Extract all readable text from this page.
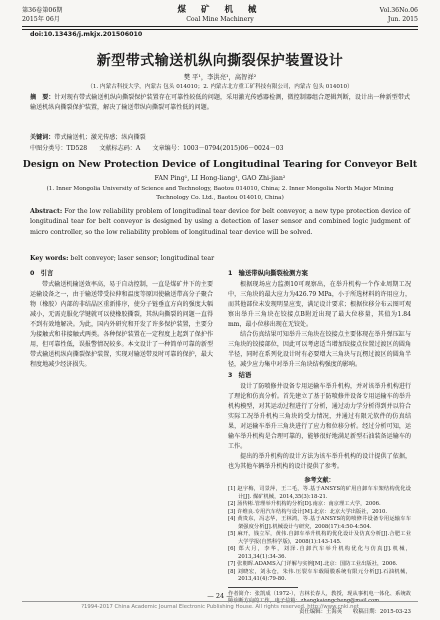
第36卷第06期
2015年 06月
煤 矿 机 械
Coal Mine Machinery
Vol.36No.06
Jun. 2015
doi:10.13436/j.mkjx.201506010
新型带式输送机纵向撕裂保护装置设计
樊 平¹，李洪亮¹，高智祥²
（1. 内蒙古科技大学，内蒙古 包头 014010；2. 内蒙古北方重工矿科技有限公司，内蒙古 包头 014010）
摘　要：针对现有带式输送机纵向撕裂保护装置存在可靠性较低的问题，采用激光传感器检测，微控制器组合逻辑判断，设计出一种新型带式输送机纵向撕裂保护装置，解决了输送带纵向撕裂可靠性低的问题。
关键词：带式输送机；激光传感；纵向撕裂
中图分类号：TD528　　文献标志码：A　　文章编号：1003－0794(2015)06－0024－03
Design on New Protection Device of Longitudinal Tearing for Conveyor Belt
FAN Ping¹, LI Hong-liang¹, GAO Zhi-jian²
(1. Inner Mongolia University of Science and Technology, Baotou 014010, China; 2. Inner Mongolia North Major Mining Technology Co. Ltd., Baotou 014010, China)
Abstract: For the low reliability problem of longitudinal tear device for belt conveyor, a new type protection device of longitudinal tear for belt conveyor is designed by using a detection of laser sensor and combined logic judgment of micro controller, so the low reliability problem of longitudinal tear device will be solved.
Key words: belt conveyor; laser sensor; longitudinal tear
0　引言
带式输送机输送效率高，易于自动控制，一直是煤矿井下的主要运输设备之一，由于输送带受拉伸和温度等原因使输送带高分子聚合物（橡胶）内部的非结晶区重新排序，使分子链垂直方向的强度大幅减小，无需克服化学键就可以使橡胶撕裂，其纵向撕裂的问题一直得不到有效地解决。为此，国内外研究和开发了许多保护装置，主要分为接触式和非接触式两类。各种保护装置在一定程度上起到了保护作用，但可靠性低，误报警情况较多。本文设计了一种简单可靠的新型带式输送机纵向撕裂保护装置，实现对输送带及时可靠的保护，最大程度地减少经济损失。
1　输送带纵向撕裂检测方案
根据现场应力监测10可观察出，在举升机构一个作业周期工况中，三角块的最大应力为426.79 MPa，小于所选材料的许用应力，而其他部位未发现明显应变，满足设计要求；根据位移分布云图可观察出举升三角块在铰接点B附近出现了最大位移量，其值为1.84 mm，最小位移出现在无铰处。
结合仿真结果可知举升三角块在铰接点主要体现在举升弹压缸与三角块的铰接部位，因此可以考虑适当增加铰接点位置过渡区的圆角半径，同时在系列化设计时有必要增大三角块与瓦楞过渡区的圆角半径，减少应力集中对举升三角块结构强度的影响。
3　结语
设计了防喷修井设备专用运输车举升机构，并对该举升机构进行了理论和仿真分析。首先建立了基于防喷修井设备专用运输车的举升机构模型，对其运动过程进行了分析，通过动力学分析得到并以符合实际工况举升机构三角块的受力情况，并通过有限元软件的仿真结果，对运输车举升三角块进行了应力和位移分析。经过分析可知，运输车举升机构是合理可靠的，能够很好地满足新型石油装备运输车的工作。
提出的举升机构的设计方法为该车举升机构的设计提供了依据，也为其他车辆举升机构的设计提供了参考。
参考文献：
[1] 赵宇梅，司景萍，王二毛，等.基于ANSYS的矿用自卸车车架结构优化设计[J]. 煤矿机械，2014,35(3):18-21.
[2] 汤传彬.管理举升机构的分析[D].南京：南京理工大学，2006.
[3] 许维良.专用汽车结构与设计[M].北京：北京大学出版社，2010.
[4] 黄贵东，冯志华，王林鸿，等.基于ANSYS的防喷修井设备专用运输车车架强度分析[J].机械设计与研究，2008(17):4:50-4:504.
[5] 麻开，钱立军，黄伟.自卸车举升机构的优化设计及仿真分析[J].合肥工业大学学报(自然科学版)，2008(1):143-145.
[6] 郑大月，李华，刘泽.自卸汽车举升机构优化与仿真[J].机械，2013,34(1):34-36.
[7] 张朝晖.ADAMS入门详解与实例[M].北京：国防工业出版社，2006.
[8] 刘晓宏，刘永仓，朱伟.压裂车车载隔膜系统有限元分析[J].石油机械，2013,41(4):79-80.
作者简介：张凯成（1972-），吉林长春人，教授，现从事机电一体化、系统故障诊断方向的工作，电子信箱：zhangkaiongcheng@mail.com.
责任编辑：王海英　　收稿日期：2015-03-23
— 24 —
?1994-2017 China Academic Journal Electronic Publishing House. All rights reserved. http://www.cnki.net
